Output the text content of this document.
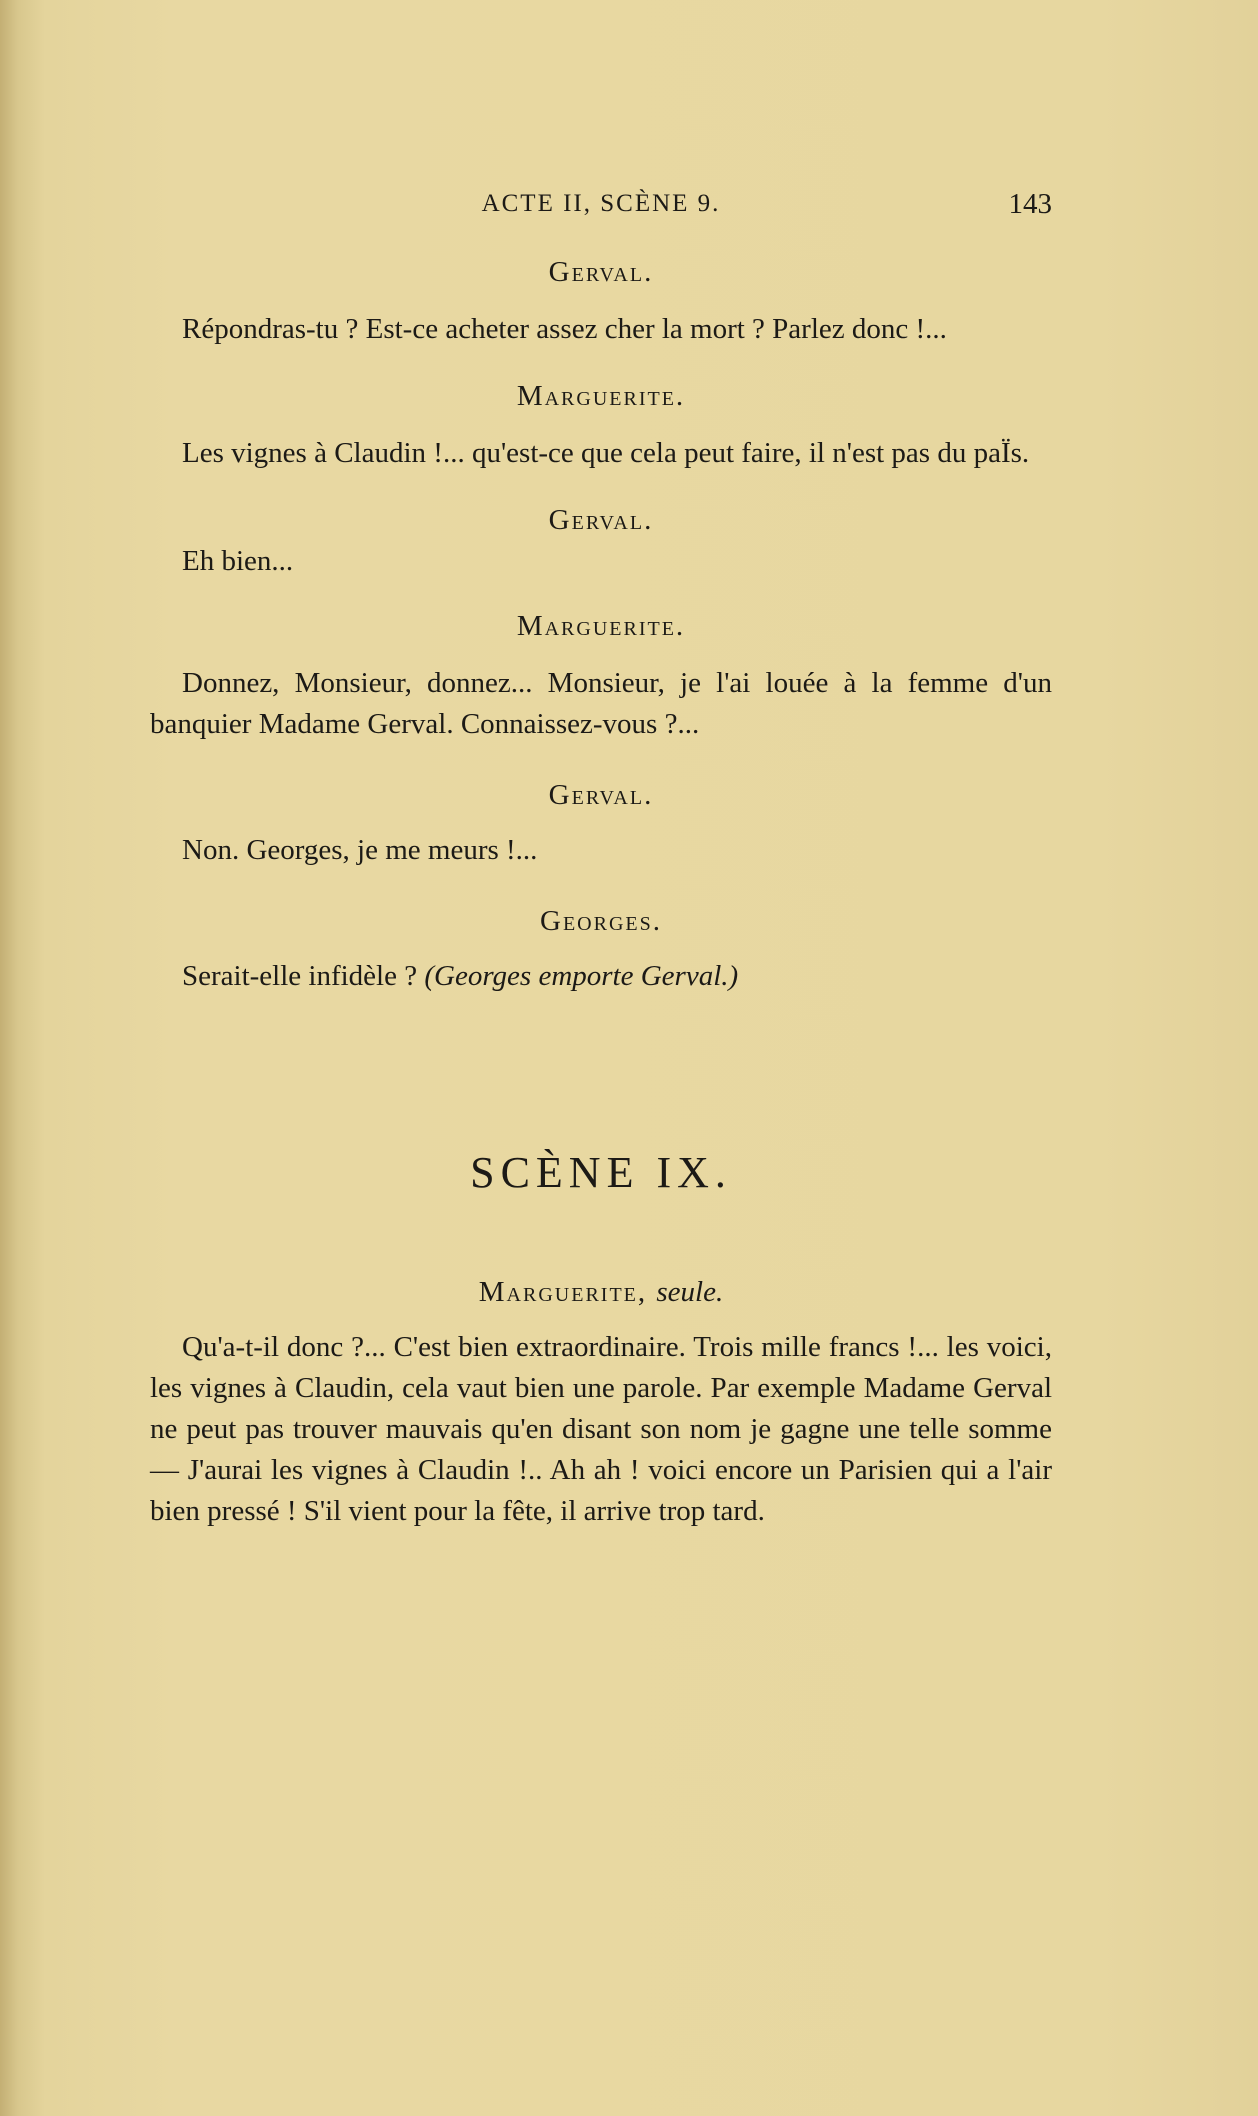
ACTE II, SCÈNE 9.	143

Gerval.

Répondras-tu ? Est-ce acheter assez cher la mort ? Parlez donc !...

Marguerite.

Les vignes à Claudin !... qu'est-ce que cela peut faire, il n'est pas du paÏs.

Gerval.

Eh bien...

Marguerite.

Donnez, Monsieur, donnez... Monsieur, je l'ai louée à la femme d'un banquier Madame Gerval. Connaissez-vous ?...

Gerval.

Non. Georges, je me meurs !...

Georges.

Serait-elle infidèle ? (Georges emporte Gerval.)

SCÈNE IX.

Marguerite, seule.

Qu'a-t-il donc ?... C'est bien extraordinaire. Trois mille francs !... les voici, les vignes à Claudin, cela vaut bien une parole. Par exemple Madame Gerval ne peut pas trouver mauvais qu'en disant son nom je gagne une telle somme — J'aurai les vignes à Claudin !.. Ah ah ! voici encore un Parisien qui a l'air bien pressé ! S'il vient pour la fête, il arrive trop tard.
